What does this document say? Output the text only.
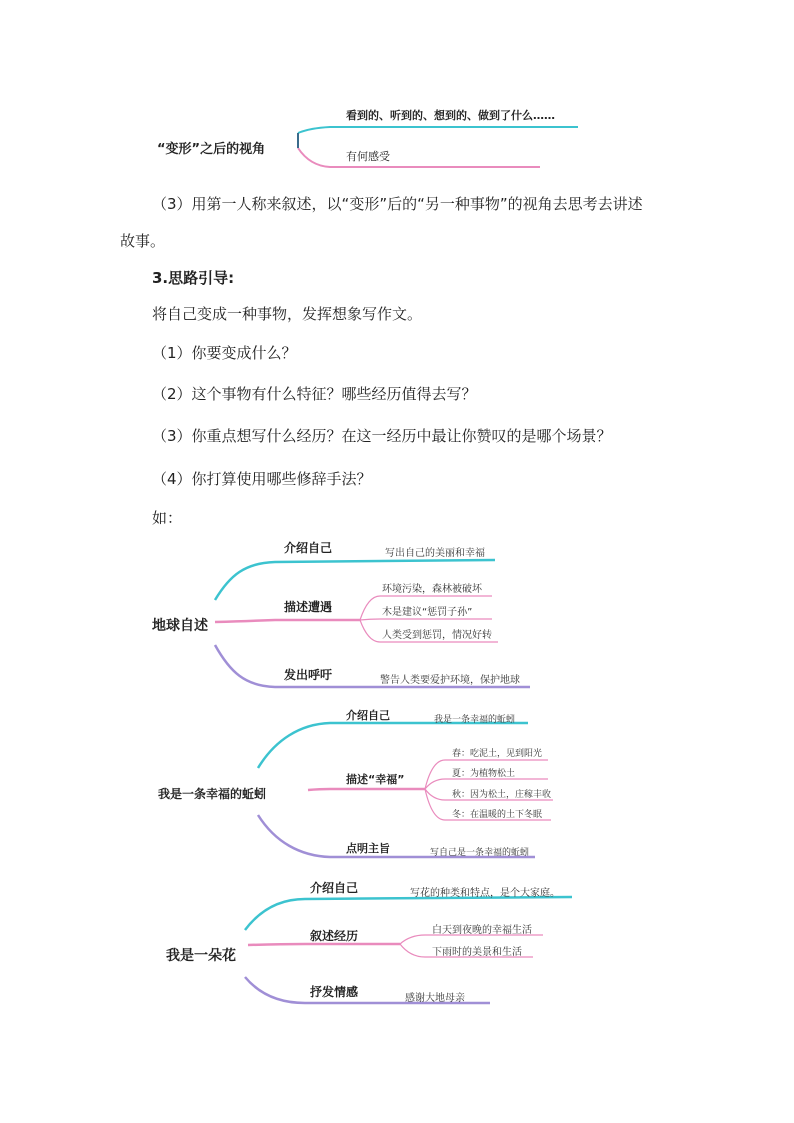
“变形”之后的视角
看到的、听到的、想到的、做到了什么……
有何感受
（3）用第一人称来叙述，以“变形”后的“另一种事物”的视角去思考去讲述
故事。
3.思路引导:
将自己变成一种事物，发挥想象写作文。
（1）你要变成什么？
（2）这个事物有什么特征？哪些经历值得去写？
（3）你重点想写什么经历？在这一经历中最让你赞叹的是哪个场景？
（4）你打算使用哪些修辞手法？
如：
地球自述
介绍自己	写出自己的美丽和幸福
描述遭遇
环境污染，森林被破坏
木是建议“惩罚子孙”
人类受到惩罚，情况好转
发出呼吁	警告人类要爱护环境，保护地球
我是一条幸福的蚯蚓
介绍自己	我是一条幸福的蚯蚓
描述“幸福”
春：吃泥土，见到阳光
夏：为植物松土
秋：因为松土，庄稼丰收
冬：在温暖的土下冬眠
点明主旨	写自己是一条幸福的蚯蚓
我是一朵花
介绍自己	写花的种类和特点，是个大家庭。
叙述经历	白天到夜晚的幸福生活
下雨时的美景和生活
抒发情感	感谢大地母亲
